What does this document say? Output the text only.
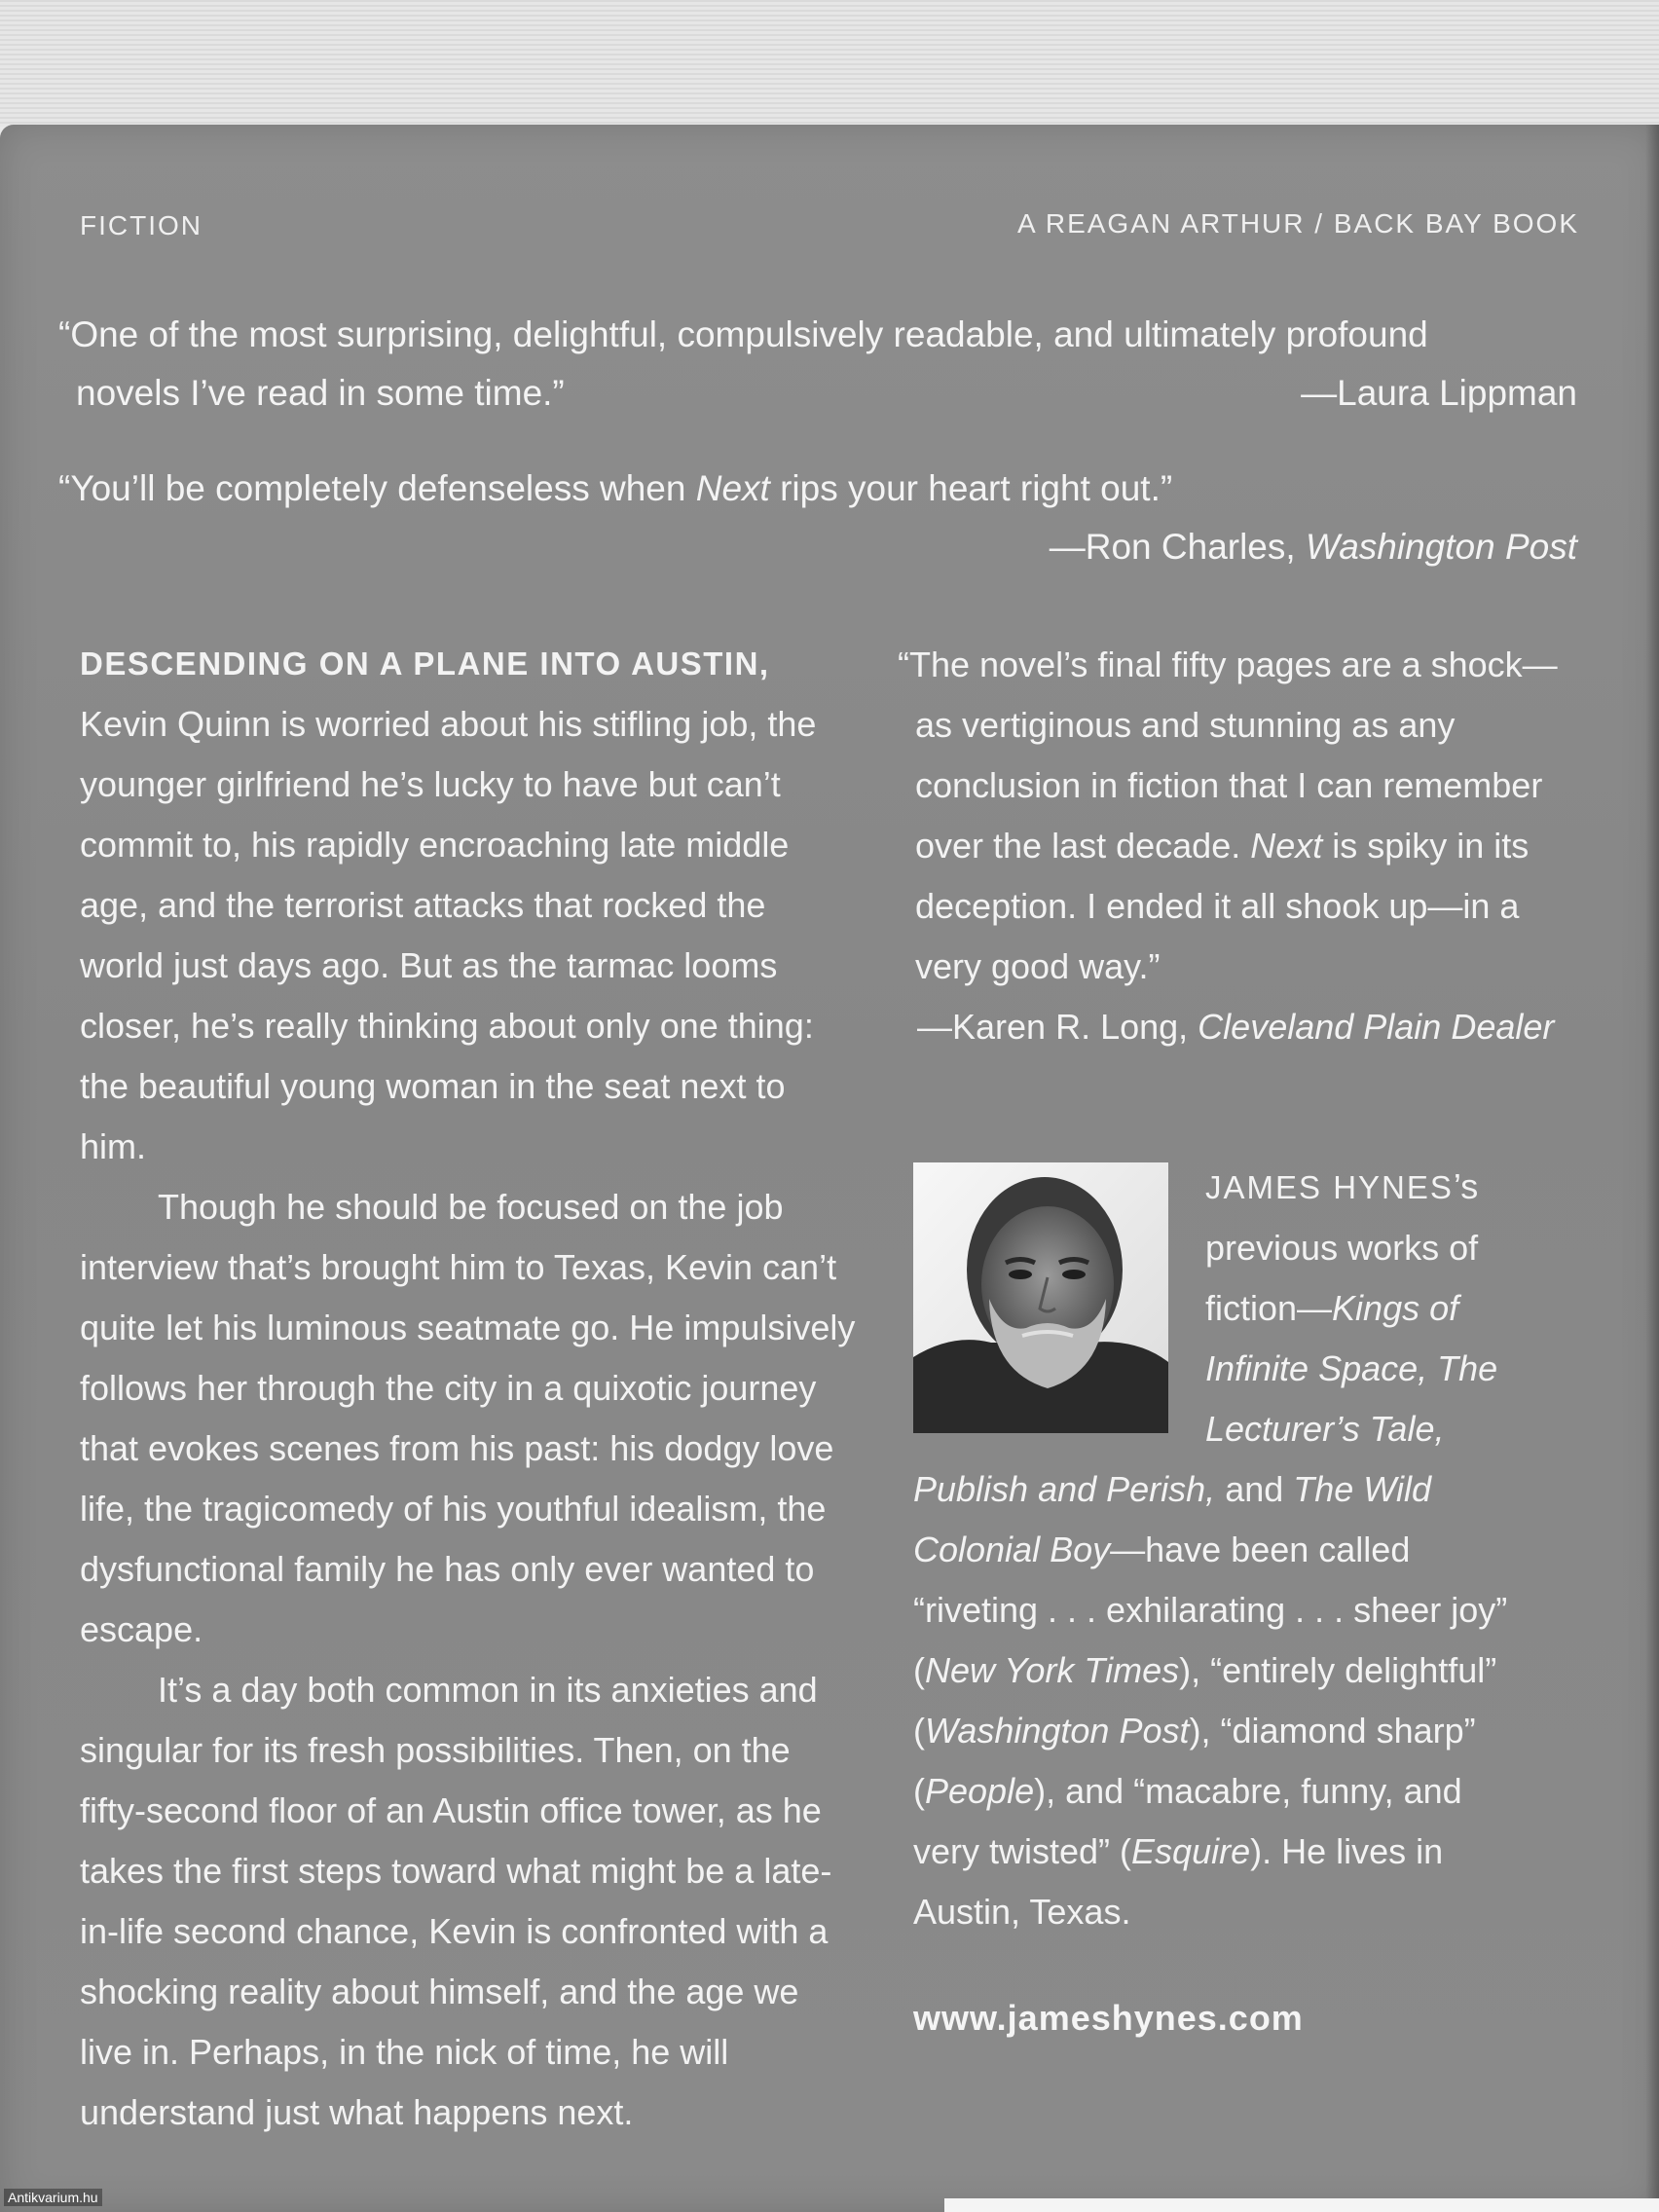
FICTION	A REAGAN ARTHUR / BACK BAY BOOK
“One of the most surprising, delightful, compulsively readable, and ultimately profound
novels I’ve read in some time.”	—Laura Lippman
“You’ll be completely defenseless when Next rips your heart right out.”
—Ron Charles, Washington Post

DESCENDING ON A PLANE INTO AUSTIN, Kevin Quinn is worried about his stifling job, the younger girlfriend he’s lucky to have but can’t commit to, his rapidly encroaching late middle age, and the terrorist attacks that rocked the world just days ago. But as the tarmac looms closer, he’s really thinking about only one thing: the beautiful young woman in the seat next to him.

Though he should be focused on the job interview that’s brought him to Texas, Kevin can’t quite let his luminous seatmate go. He impulsively follows her through the city in a quixotic journey that evokes scenes from his past: his dodgy love life, the tragicomedy of his youthful idealism, the dysfunctional family he has only ever wanted to escape.

It’s a day both common in its anxieties and singular for its fresh possibilities. Then, on the fifty-second floor of an Austin office tower, as he takes the first steps toward what might be a late-in-life second chance, Kevin is confronted with a shocking reality about himself, and the age we live in. Perhaps, in the nick of time, he will understand just what happens next.

“The novel’s final fifty pages are a shock—as vertiginous and stunning as any conclusion in fiction that I can remember over the last decade. Next is spiky in its deception. I ended it all shook up—in a very good way.”
—Karen R. Long, Cleveland Plain Dealer
JAMES HYNES’s
previous works of
fiction—Kings of
Infinite Space, The
Lecturer’s Tale,
Publish and Perish, and The Wild
Colonial Boy—have been called
“riveting . . . exhilarating . . . sheer joy”
(New York Times), “entirely delightful”
(Washington Post), “diamond sharp”
(People), and “macabre, funny, and
very twisted” (Esquire). He lives in
Austin, Texas.
www.jameshynes.com
Antikvarium.hu
